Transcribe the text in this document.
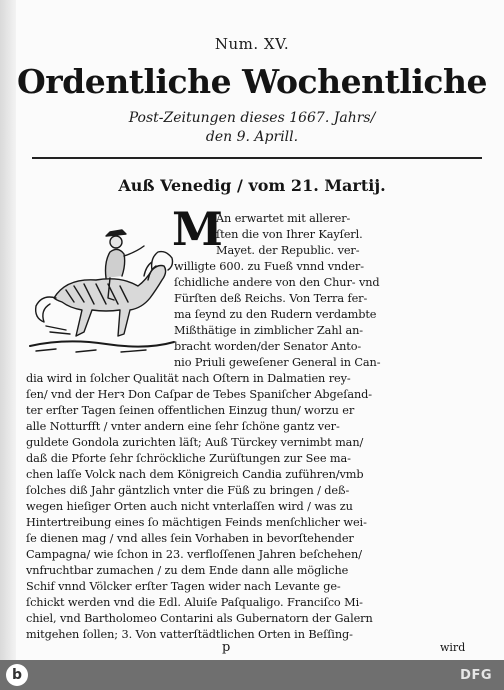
Num. XV.
Ordentliche Wochentliche
Post-Zeitungen dieses 1667. Jahrs/
den 9. Aprill.
Auß Venedig / vom 21. Martij.
M
An erwartet mit allerer-
ſten die von Ihrer Kayſerl.
Mayet. der Republic. ver-
willigte 600. zu Fueß vnnd vnder-
ſchidliche andere von den Chur- vnd
Fürſten deß Reichs. Von Terra fer-
ma ſeynd zu den Rudern verdambte
Mißthätige in zimblicher Zahl an-
bracht worden/der Senator Anto-
nio Priuli geweſener General in Can-
dia wird in ſolcher Qualität nach Oſtern in Dalmatien rey-
ſen/ vnd der Herꝛ Don Caſpar de Tebes Spaniſcher Abgeſand-
ter erſter Tagen ſeinen offentlichen Einzug thun/ worzu er
alle Notturfft / vnter andern eine ſehr ſchöne gantz ver-
guldete Gondola zurichten läſt; Auß Türckey vernimbt man/
daß die Pforte ſehr ſchröckliche Zurüſtungen zur See ma-
chen laſſe Volck nach dem Königreich Candia zuführen/vmb
ſolches diß Jahr gäntzlich vnter die Füß zu bringen / deß-
wegen hieſiger Orten auch nicht vnterlaſſen wird / was zu
Hintertreibung eines ſo mächtigen Feinds menſchlicher wei-
ſe dienen mag / vnd alles ſein Vorhaben in bevorſtehender
Campagna/ wie ſchon in 23. verfloſſenen Jahren beſchehen/
vnfruchtbar zumachen / zu dem Ende dann alle mögliche
Schif vnnd Völcker erſter Tagen wider nach Levante ge-
ſchickt werden vnd die Edl. Aluiſe Paſqualigo. Franciſco Mi-
chiel, vnd Bartholomeo Contarini als Gubernatorn der Galern
mitgehen ſollen; 3. Von vatterſtädtlichen Orten in Beſſing-
p	wird
b	DFG
